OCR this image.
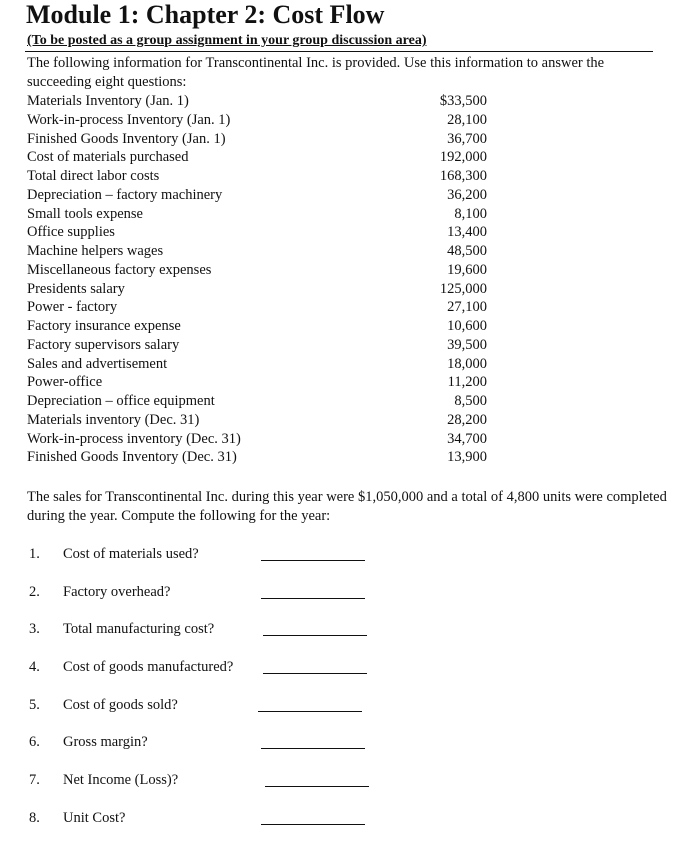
Module 1: Chapter 2: Cost Flow
(To be posted as a group assignment in your group discussion area)
The following information for Transcontinental Inc. is provided. Use this information to answer the succeeding eight questions:
Materials Inventory (Jan. 1)	$33,500
Work-in-process Inventory (Jan. 1)	28,100
Finished Goods Inventory (Jan. 1)	36,700
Cost of materials purchased	192,000
Total direct labor costs	168,300
Depreciation – factory machinery	36,200
Small tools expense	8,100
Office supplies	13,400
Machine helpers wages	48,500
Miscellaneous factory expenses	19,600
Presidents salary	125,000
Power - factory	27,100
Factory insurance expense	10,600
Factory supervisors salary	39,500
Sales and advertisement	18,000
Power-office	11,200
Depreciation – office equipment	8,500
Materials inventory (Dec. 31)	28,200
Work-in-process inventory (Dec. 31)	34,700
Finished Goods Inventory (Dec. 31)	13,900
The sales for Transcontinental Inc. during this year were $1,050,000 and a total of 4,800 units were completed during the year. Compute the following for the year:
1. Cost of materials used?
2. Factory overhead?
3. Total manufacturing cost?
4. Cost of goods manufactured?
5. Cost of goods sold?
6. Gross margin?
7. Net Income (Loss)?
8. Unit Cost?
